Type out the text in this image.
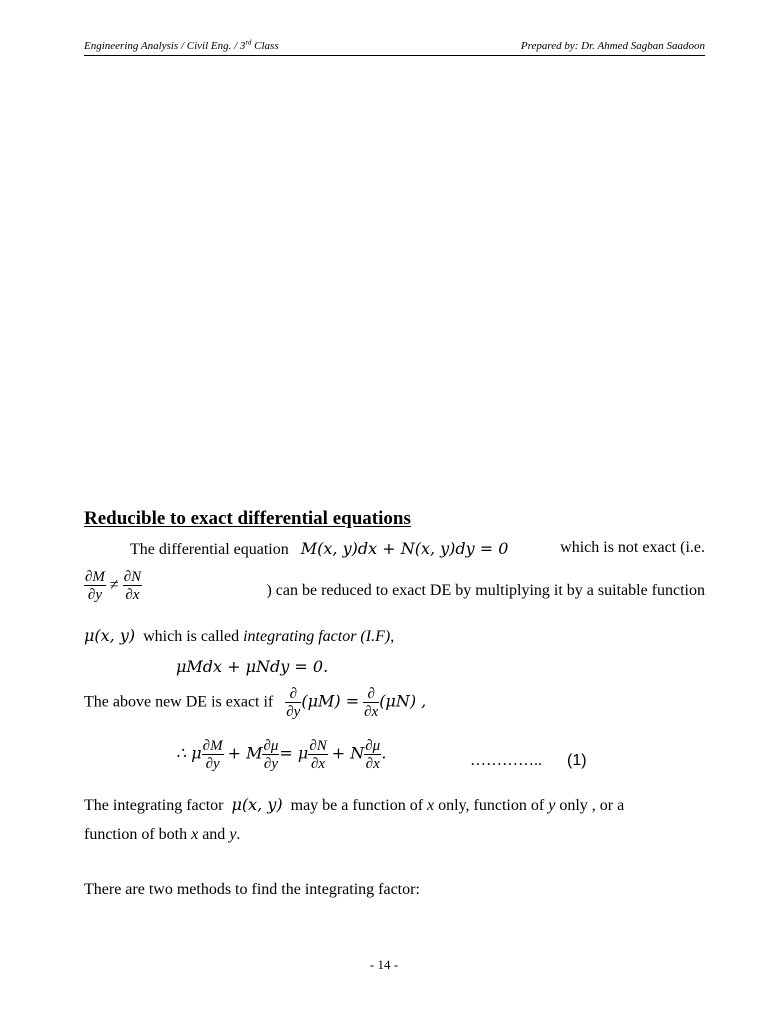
Engineering Analysis / Civil Eng. / 3rd Class	Prepared by: Dr. Ahmed Sagban Saadoon
Reducible to exact differential equations
The differential equation M(x, y)dx + N(x, y)dy = 0	which is not exact (i.e.
$\frac{\partial M}{\partial y} \ne \frac{\partial N}{\partial x}$	) can be reduced to exact DE by multiplying it by a suitable function
μ(x, y) which is called integrating factor (I.F),
μMdx + μNdy = 0.
The above new DE is exact if $\frac{\partial}{\partial y} (\mu M) = \frac{\partial}{\partial x} (\mu N)$ ,
∴ μ $\frac{\partial M}{\partial y} + M \frac{\partial\mu}{\partial y} = \mu \frac{\partial N}{\partial x} + N \frac{\partial\mu}{\partial x}$ .	………….. (1)
The integrating factor μ(x, y) may be a function of x only, function of y only , or a
function of both x and y.
There are two methods to find the integrating factor:
- 14 -
